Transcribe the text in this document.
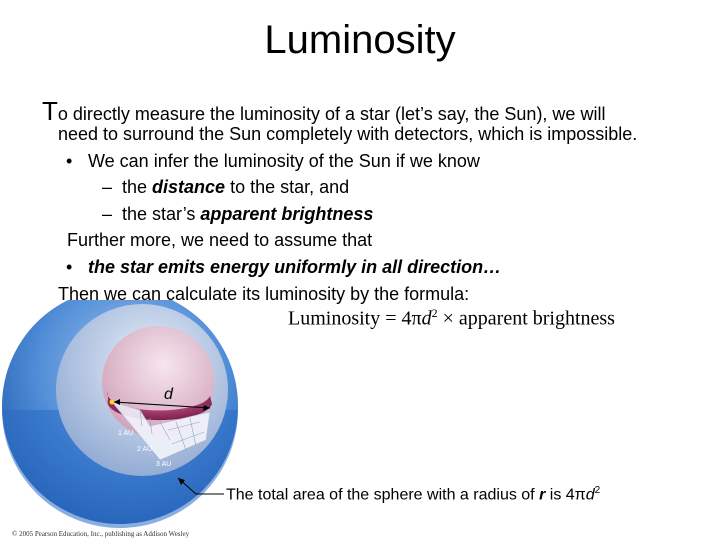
Luminosity
To directly measure the luminosity of a star (let’s say, the Sun), we will
need to surround the Sun completely with detectors, which is impossible.
• We can infer the luminosity of the Sun if we know
– the distance to the star, and
– the star’s apparent brightness
Further more, we need to assume that
• the star emits energy uniformly in all direction…
Then we can calculate its luminosity by the formula:
Luminosity = $4\pi d^2$ × apparent brightness
d
1 AU
2 AU
3 AU
The total area of the sphere with a radius of r is $4\pi d^2$
© 2005 Pearson Education, Inc., publishing as Addison Wesley
